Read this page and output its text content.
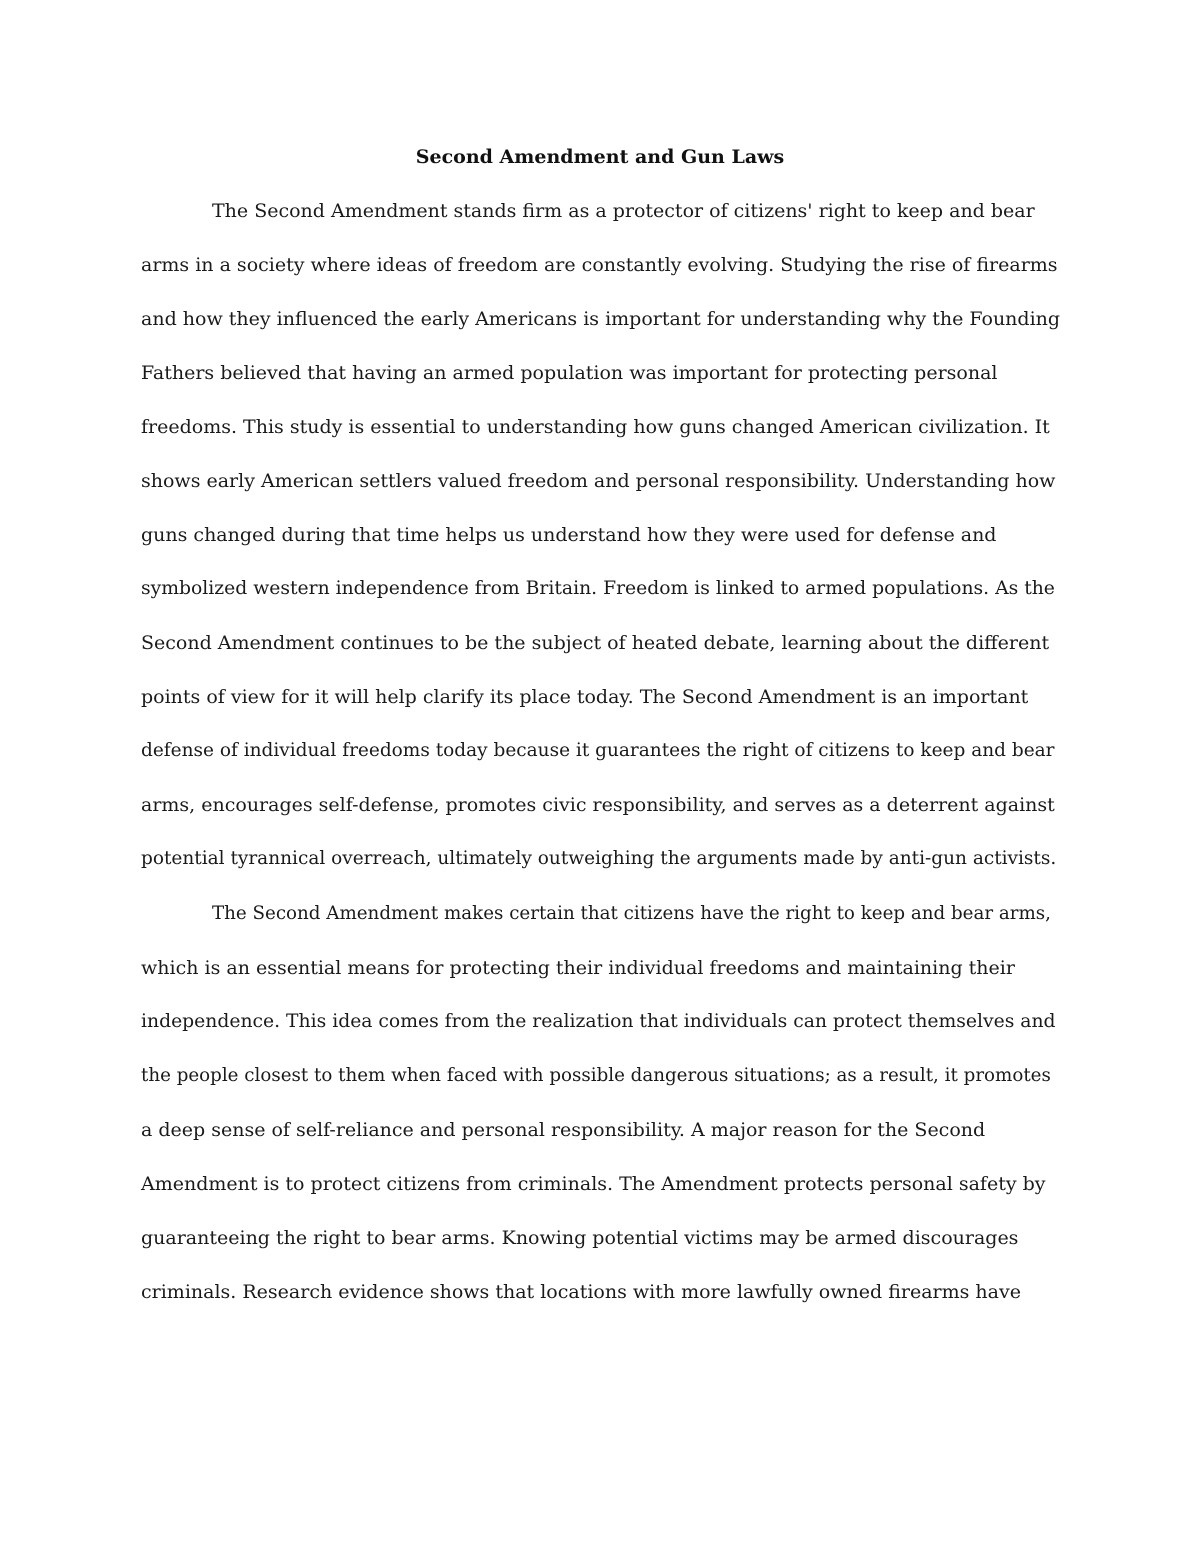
Second Amendment and Gun Laws
The Second Amendment stands firm as a protector of citizens' right to keep and bear
arms in a society where ideas of freedom are constantly evolving. Studying the rise of firearms
and how they influenced the early Americans is important for understanding why the Founding
Fathers believed that having an armed population was important for protecting personal
freedoms. This study is essential to understanding how guns changed American civilization. It
shows early American settlers valued freedom and personal responsibility. Understanding how
guns changed during that time helps us understand how they were used for defense and
symbolized western independence from Britain. Freedom is linked to armed populations. As the
Second Amendment continues to be the subject of heated debate, learning about the different
points of view for it will help clarify its place today. The Second Amendment is an important
defense of individual freedoms today because it guarantees the right of citizens to keep and bear
arms, encourages self-defense, promotes civic responsibility, and serves as a deterrent against
potential tyrannical overreach, ultimately outweighing the arguments made by anti-gun activists.
The Second Amendment makes certain that citizens have the right to keep and bear arms,
which is an essential means for protecting their individual freedoms and maintaining their
independence. This idea comes from the realization that individuals can protect themselves and
the people closest to them when faced with possible dangerous situations; as a result, it promotes
a deep sense of self-reliance and personal responsibility. A major reason for the Second
Amendment is to protect citizens from criminals. The Amendment protects personal safety by
guaranteeing the right to bear arms. Knowing potential victims may be armed discourages
criminals. Research evidence shows that locations with more lawfully owned firearms have
